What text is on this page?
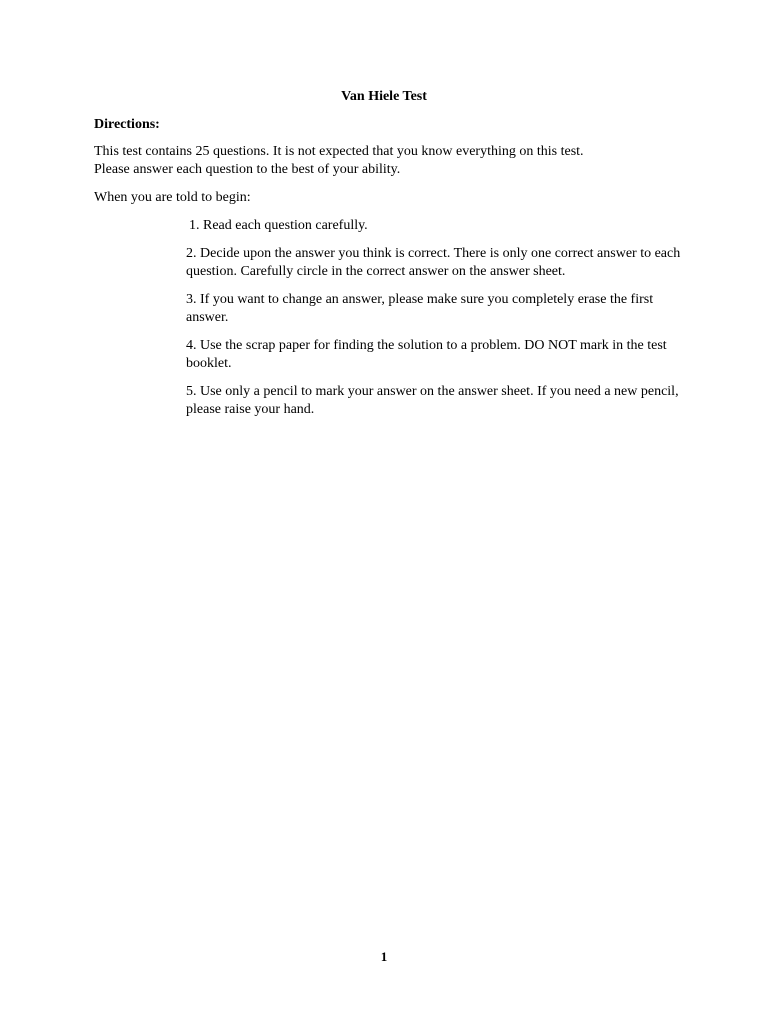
Van Hiele Test
Directions:

This test contains 25 questions. It is not expected that you know everything on this test.

Please answer each question to the best of your ability.

When you are told to begin:
1. Read each question carefully.
2. Decide upon the answer you think is correct. There is only one correct answer to each question. Carefully circle in the correct answer on the answer sheet.
3. If you want to change an answer, please make sure you completely erase the first answer.
4. Use the scrap paper for finding the solution to a problem. DO NOT mark in the test booklet.
5. Use only a pencil to mark your answer on the answer sheet. If you need a new pencil, please raise your hand.
1
